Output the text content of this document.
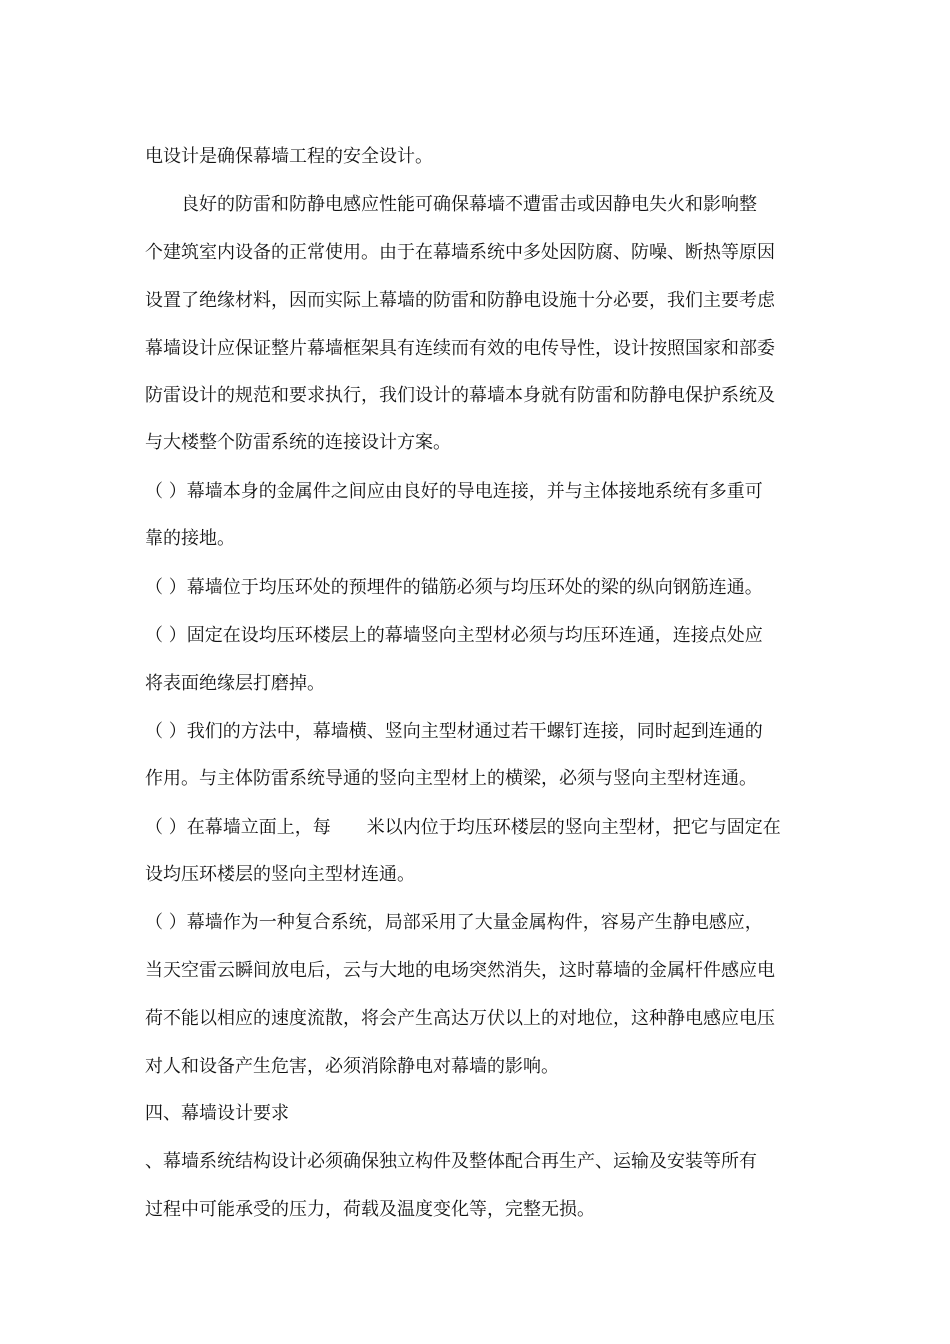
电设计是确保幕墙工程的安全设计。
　　良好的防雷和防静电感应性能可确保幕墙不遭雷击或因静电失火和影响整
个建筑室内设备的正常使用。由于在幕墙系统中多处因防腐、防噪、断热等原因
设置了绝缘材料，因而实际上幕墙的防雷和防静电设施十分必要，我们主要考虑
幕墙设计应保证整片幕墙框架具有连续而有效的电传导性，设计按照国家和部委
防雷设计的规范和要求执行，我们设计的幕墙本身就有防雷和防静电保护系统及
与大楼整个防雷系统的连接设计方案。
（ ）幕墙本身的金属件之间应由良好的导电连接，并与主体接地系统有多重可
靠的接地。
（ ）幕墙位于均压环处的预埋件的锚筋必须与均压环处的梁的纵向钢筋连通。
（ ）固定在设均压环楼层上的幕墙竖向主型材必须与均压环连通，连接点处应
将表面绝缘层打磨掉。
（ ）我们的方法中，幕墙横、竖向主型材通过若干螺钉连接，同时起到连通的
作用。与主体防雷系统导通的竖向主型材上的横梁，必须与竖向主型材连通。
（ ）在幕墙立面上，每　　米以内位于均压环楼层的竖向主型材，把它与固定在
设均压环楼层的竖向主型材连通。
（ ）幕墙作为一种复合系统，局部采用了大量金属构件，容易产生静电感应，
当天空雷云瞬间放电后，云与大地的电场突然消失，这时幕墙的金属杆件感应电
荷不能以相应的速度流散，将会产生高达万伏以上的对地位，这种静电感应电压
对人和设备产生危害，必须消除静电对幕墙的影响。
四、幕墙设计要求
、幕墙系统结构设计必须确保独立构件及整体配合再生产、运输及安装等所有
过程中可能承受的压力，荷载及温度变化等，完整无损。
